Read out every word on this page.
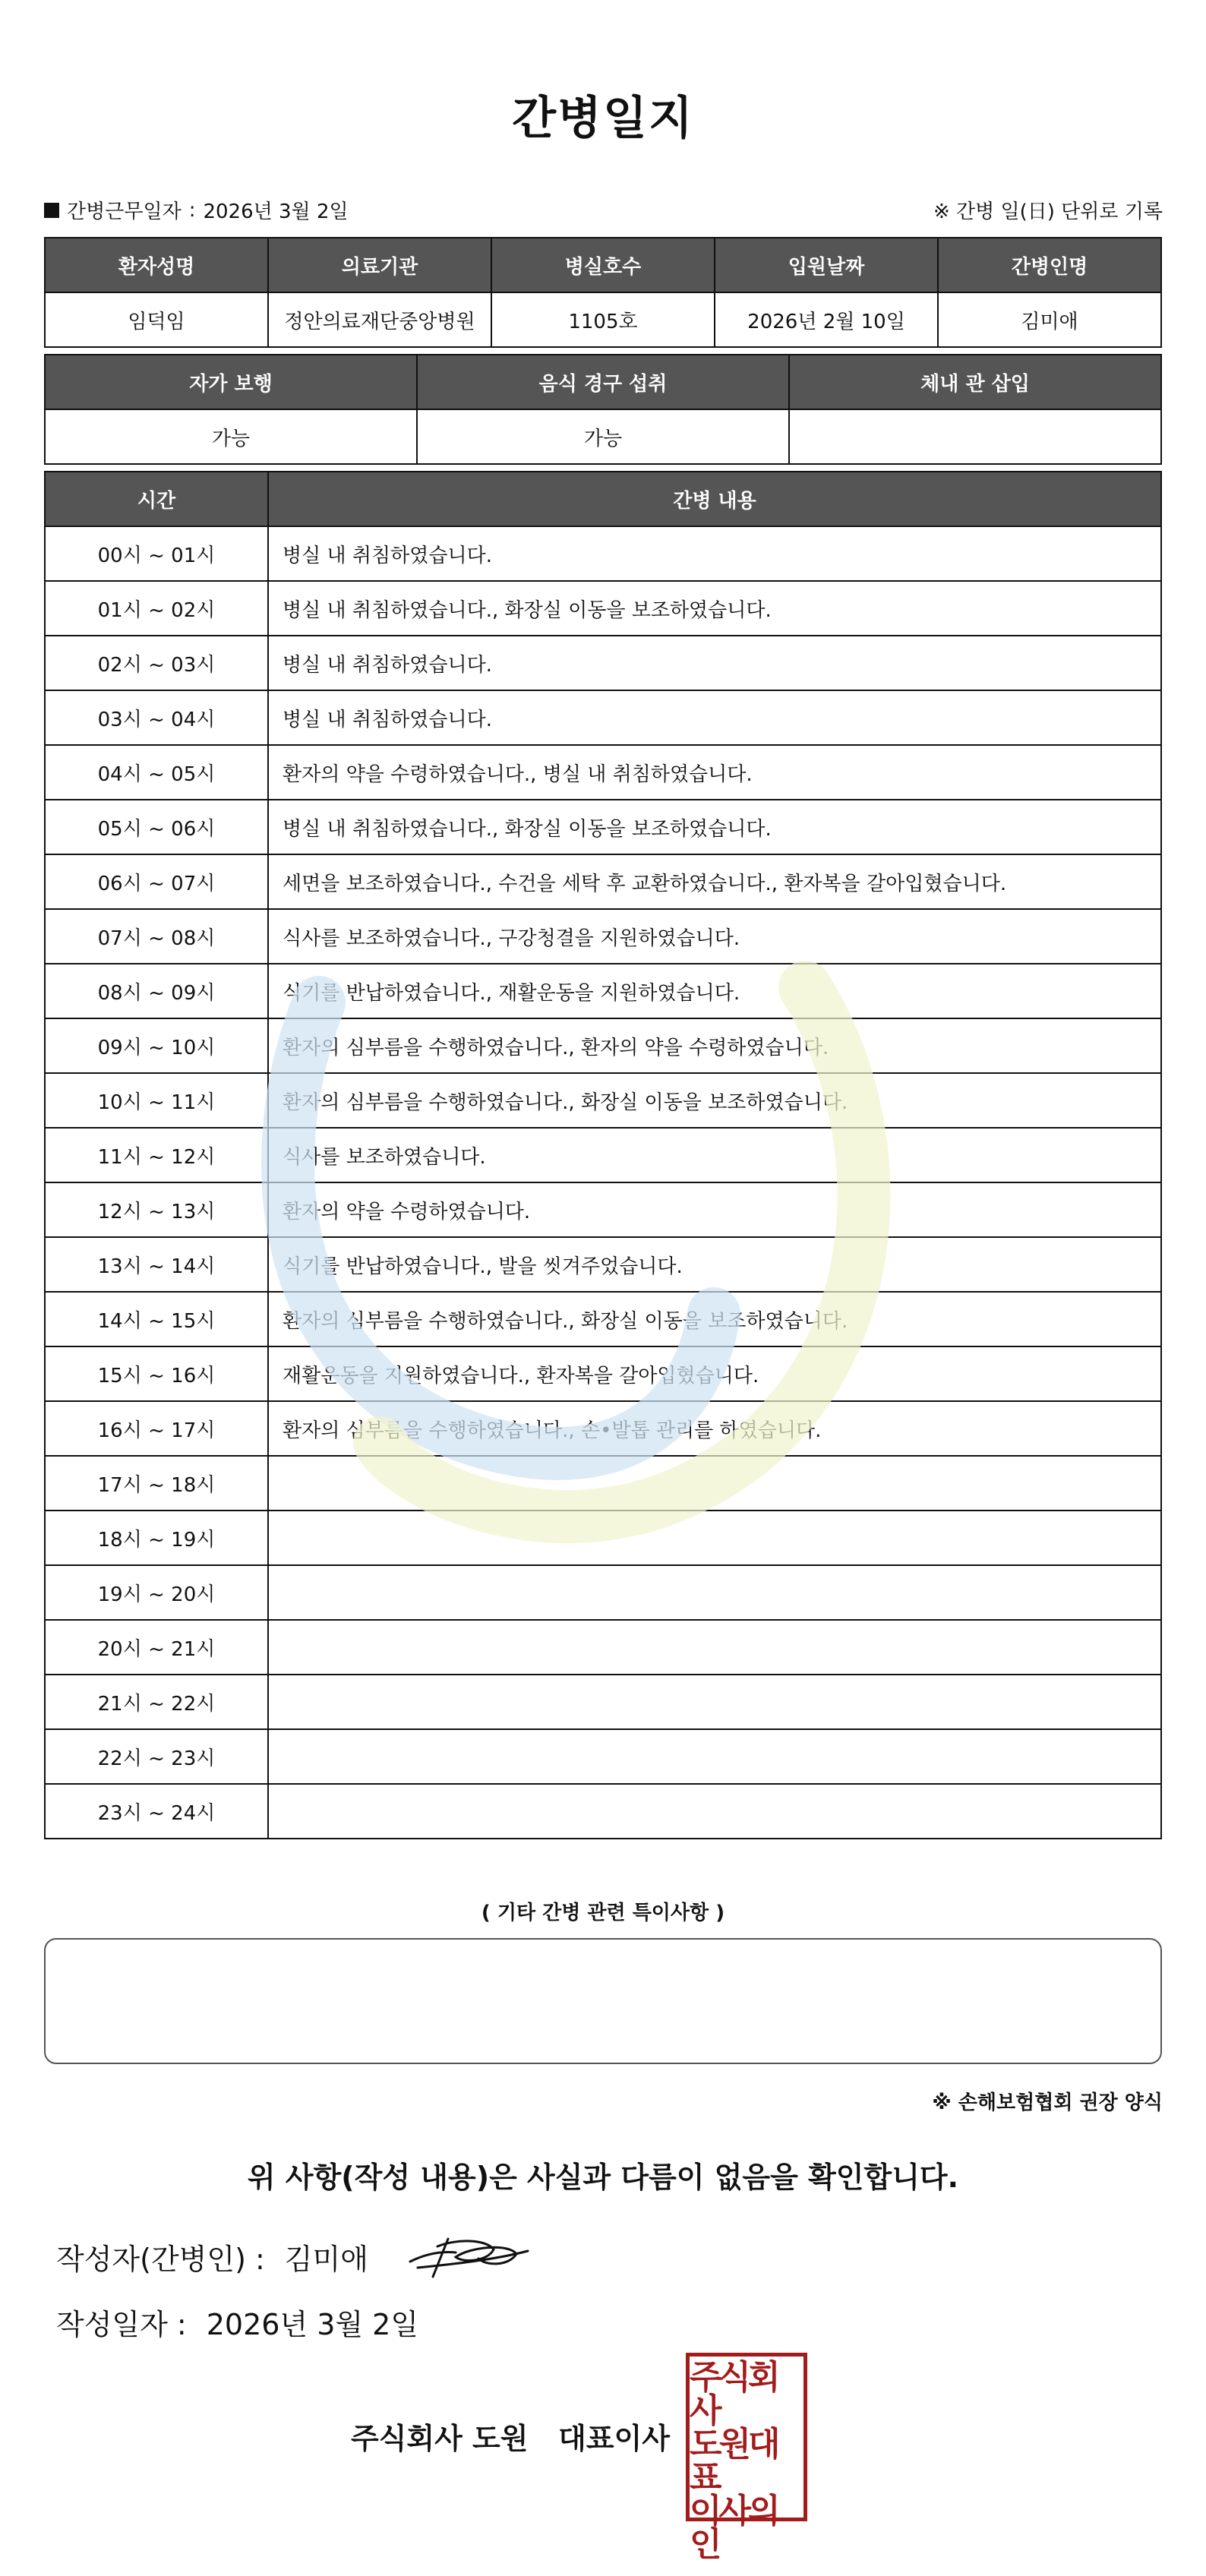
간병일지
간병근무일자 : 2026년 3월 2일	※ 간병 일(日) 단위로 기록
환자성명	의료기관	병실호수	입원날짜	간병인명
임덕임	정안의료재단중앙병원	1105호	2026년 2월 10일	김미애
자가 보행	음식 경구 섭취	체내 관 삽입
가능	가능	
시간	간병 내용
00시 ~ 01시	병실 내 취침하였습니다.
01시 ~ 02시	병실 내 취침하였습니다., 화장실 이동을 보조하였습니다.
02시 ~ 03시	병실 내 취침하였습니다.
03시 ~ 04시	병실 내 취침하였습니다.
04시 ~ 05시	환자의 약을 수령하였습니다., 병실 내 취침하였습니다.
05시 ~ 06시	병실 내 취침하였습니다., 화장실 이동을 보조하였습니다.
06시 ~ 07시	세면을 보조하였습니다., 수건을 세탁 후 교환하였습니다., 환자복을 갈아입혔습니다.
07시 ~ 08시	식사를 보조하였습니다., 구강청결을 지원하였습니다.
08시 ~ 09시	식기를 반납하였습니다., 재활운동을 지원하였습니다.
09시 ~ 10시	환자의 심부름을 수행하였습니다., 환자의 약을 수령하였습니다.
10시 ~ 11시	환자의 심부름을 수행하였습니다., 화장실 이동을 보조하였습니다.
11시 ~ 12시	식사를 보조하였습니다.
12시 ~ 13시	환자의 약을 수령하였습니다.
13시 ~ 14시	식기를 반납하였습니다., 발을 씻겨주었습니다.
14시 ~ 15시	환자의 심부름을 수행하였습니다., 화장실 이동을 보조하였습니다.
15시 ~ 16시	재활운동을 지원하였습니다., 환자복을 갈아입혔습니다.
16시 ~ 17시	환자의 심부름을 수행하였습니다., 손•발톱 관리를 하였습니다.
17시 ~ 18시	
18시 ~ 19시	
19시 ~ 20시	
20시 ~ 21시	
21시 ~ 22시	
22시 ~ 23시	
23시 ~ 24시	
( 기타 간병 관련 특이사항 )
※ 손해보험협회 권장 양식
위 사항(작성 내용)은 사실과 다름이 없음을 확인합니다.
작성자(간병인) : 김미애
작성일자 : 2026년 3월 2일
주식회사 도원   대표이사
주식회사
도원대표
이사의인
